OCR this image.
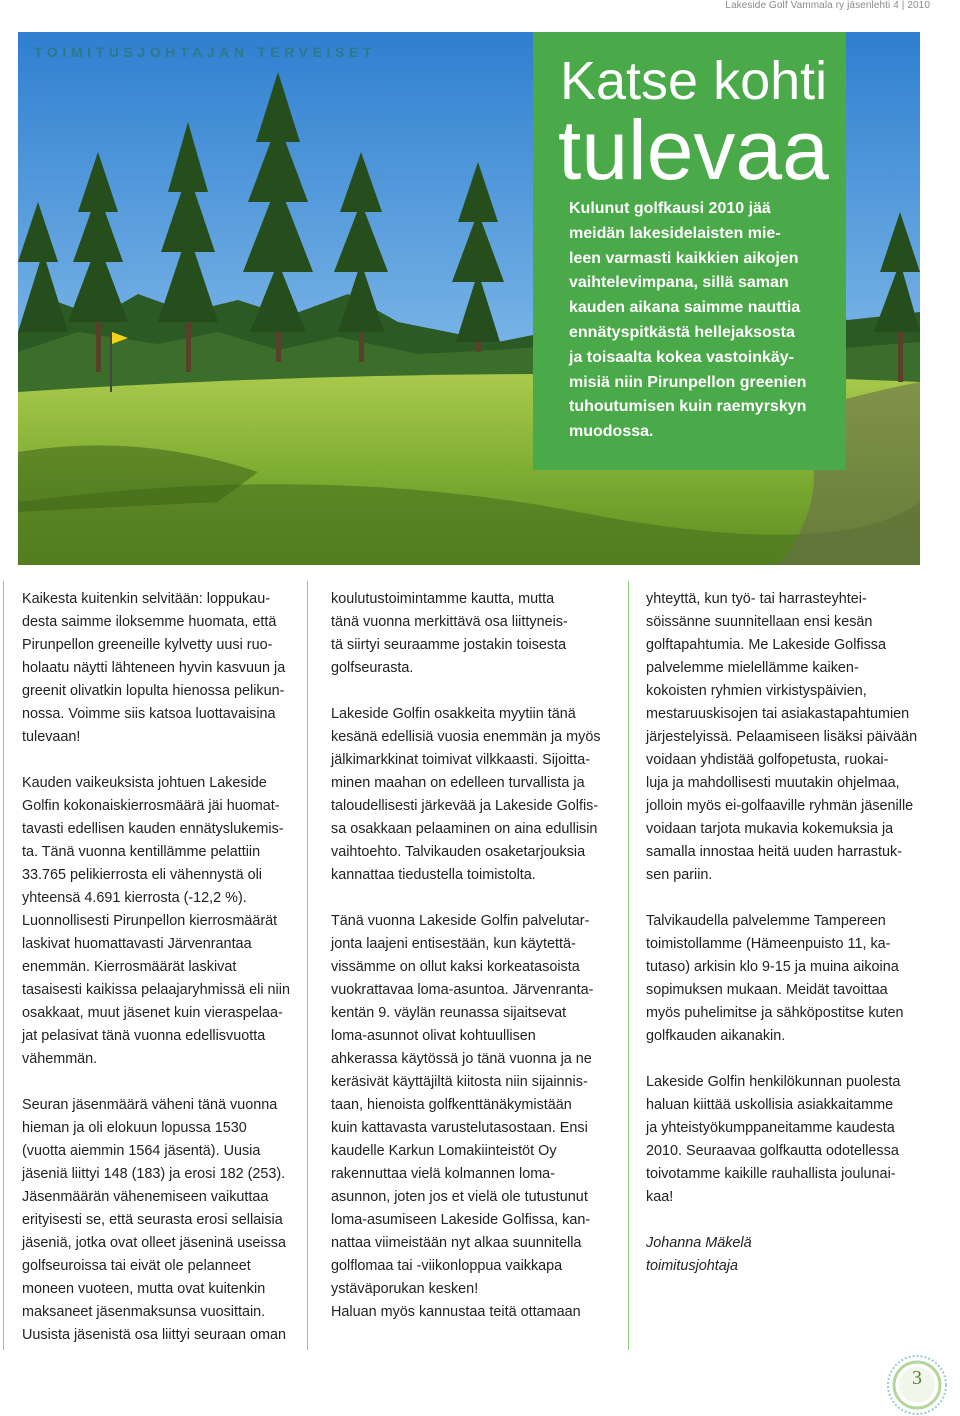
Lakeside Golf Vammala ry jäsenlehti 4 | 2010
TOIMITUSJOHTAJAN TERVEISET	Katse kohti
tulevaa
Kulunut golfkausi 2010 jää
meidän lakesidelaisten mie-
leen varmasti kaikkien aikojen
vaihtelevimpana, sillä saman
kauden aikana saimme nauttia
ennätyspitkästä hellejaksosta
ja toisaalta kokea vastoinkäy-
misiä niin Pirunpellon greenien
tuhoutumisen kuin raemyrskyn
muodossa.
Kaikesta kuitenkin selvitään: loppukau-
desta saimme iloksemme huomata, että
Pirunpellon greeneille kylvetty uusi ruo-
holaatu näytti lähteneen hyvin kasvuun ja
greenit olivatkin lopulta hienossa pelikun-
nossa. Voimme siis katsoa luottavaisina
tulevaan!
Kauden vaikeuksista johtuen Lakeside
Golfin kokonaiskierrosmäärä jäi huomat-
tavasti edellisen kauden ennätyslukemis-
ta. Tänä vuonna kentillämme pelattiin
33.765 pelikierrosta eli vähennystä oli
yhteensä 4.691 kierrosta (-12,2 %).
Luonnollisesti Pirunpellon kierrosmäärät
laskivat huomattavasti Järvenrantaa
enemmän. Kierrosmäärät laskivat
tasaisesti kaikissa pelaajaryhmissä eli niin
osakkaat, muut jäsenet kuin vieraspelaa-
jat pelasivat tänä vuonna edellisvuotta
vähemmän.
Seuran jäsenmäärä väheni tänä vuonna
hieman ja oli elokuun lopussa 1530
(vuotta aiemmin 1564 jäsentä). Uusia
jäseniä liittyi 148 (183) ja erosi 182 (253).
Jäsenmäärän vähenemiseen vaikuttaa
erityisesti se, että seurasta erosi sellaisia
jäseniä, jotka ovat olleet jäseninä useissa
golfseuroissa tai eivät ole pelanneet
moneen vuoteen, mutta ovat kuitenkin
maksaneet jäsenmaksunsa vuosittain.
Uusista jäsenistä osa liittyi seuraan oman
koulutustoimintamme kautta, mutta
tänä vuonna merkittävä osa liittyneis-
tä siirtyi seuraamme jostakin toisesta
golfseurasta.
Lakeside Golfin osakkeita myytiin tänä
kesänä edellisiä vuosia enemmän ja myös
jälkimarkkinat toimivat vilkkaasti. Sijoitta-
minen maahan on edelleen turvallista ja
taloudellisesti järkevää ja Lakeside Golfis-
sa osakkaan pelaaminen on aina edullisin
vaihtoehto. Talvikauden osaketarjouksia
kannattaa tiedustella toimistolta.
Tänä vuonna Lakeside Golfin palvelutar-
jonta laajeni entisestään, kun käytettä-
vissämme on ollut kaksi korkeatasoista
vuokrattavaa loma-asuntoa. Järvenranta-
kentän 9. väylän reunassa sijaitsevat
loma-asunnot olivat kohtuullisen
ahkerassa käytössä jo tänä vuonna ja ne
keräsivät käyttäjiltä kiitosta niin sijainnis-
taan, hienoista golfkenttänäkymistään
kuin kattavasta varustelutasostaan. Ensi
kaudelle Karkun Lomakiinteistöt Oy
rakennuttaa vielä kolmannen loma-
asunnon, joten jos et vielä ole tutustunut
loma-asumiseen Lakeside Golfissa, kan-
nattaa viimeistään nyt alkaa suunnitella
golflomaa tai -viikonloppua vaikkapa
ystäväporukan kesken!
Haluan myös kannustaa teitä ottamaan
yhteyttä, kun työ- tai harrasteyhtei-
söissänne suunnitellaan ensi kesän
golftapahtumia. Me Lakeside Golfissa
palvelemme mielellämme kaiken-
kokoisten ryhmien virkistyspäivien,
mestaruuskisojen tai asiakastapahtumien
järjestelyissä. Pelaamiseen lisäksi päivään
voidaan yhdistää golfopetusta, ruokai-
luja ja mahdollisesti muutakin ohjelmaa,
jolloin myös ei-golfaaville ryhmän jäsenille
voidaan tarjota mukavia kokemuksia ja
samalla innostaa heitä uuden harrastuk-
sen pariin.
Talvikaudella palvelemme Tampereen
toimistollamme (Hämeenpuisto 11, ka-
tutaso) arkisin klo 9-15 ja muina aikoina
sopimuksen mukaan. Meidät tavoittaa
myös puhelimitse ja sähköpostitse kuten
golfkauden aikanakin.
Lakeside Golfin henkilökunnan puolesta
haluan kiittää uskollisia asiakkaitamme
ja yhteistyökumppaneitamme kaudesta
2010. Seuraavaa golfkautta odotellessa
toivotamme kaikille rauhallista joulunai-
kaa!
Johanna Mäkelä
toimitusjohtaja
3
